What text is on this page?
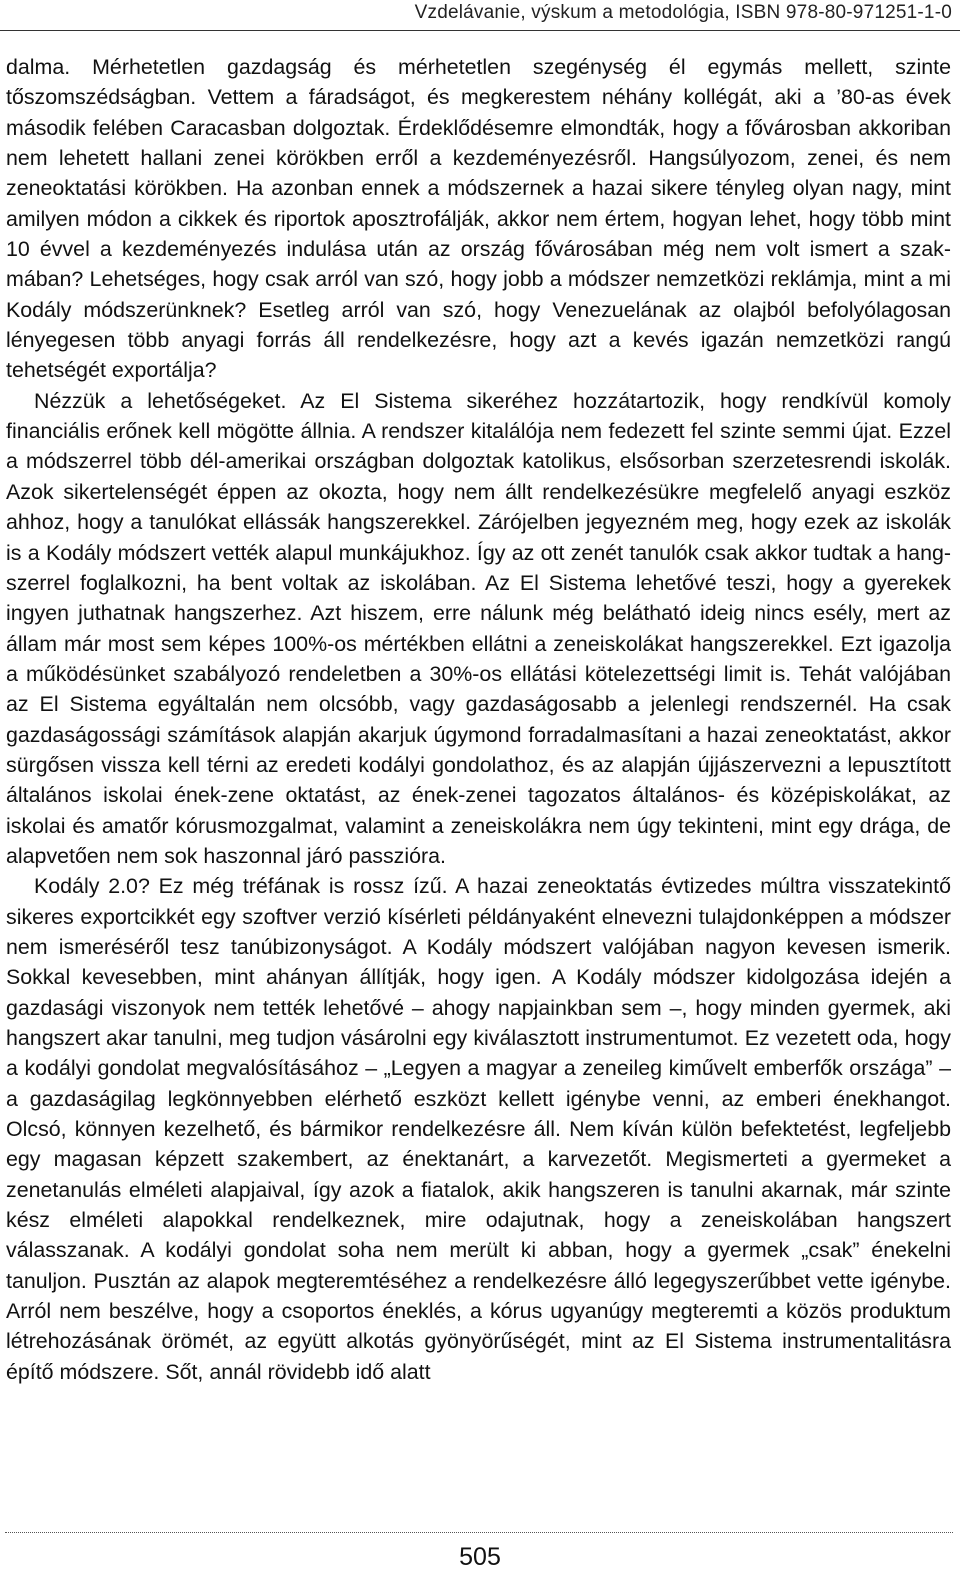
Vzdelávanie, výskum a metodológia, ISBN 978-80-971251-1-0

dalma. Mérhetetlen gazdagság és mérhetetlen szegénység él egymás mellett, szinte tőszomszédságban. Vettem a fáradságot, és megkerestem néhány kollégát, aki a ’80-as évek második felében Caracasban dolgoztak. Érdeklődésemre elmondták, hogy a fővárosban akkoriban nem lehetett hallani zenei körökben erről a kezdeményezésről. Hangsúlyozom, zenei, és nem zeneoktatási körökben. Ha azonban ennek a módszernek a hazai sikere tényleg olyan nagy, mint amilyen módon a cikkek és riportok aposztrofálják, akkor nem értem, hogyan lehet, hogy több mint 10 évvel a kezdeményezés indulása után az ország fővárosában még nem volt ismert a szakmában? Lehetséges, hogy csak arról van szó, hogy jobb a módszer nemzetközi reklámja, mint a mi Kodály módszerünknek? Esetleg arról van szó, hogy Venezuelának az olajból befolyólagosan lényegesen több anyagi forrás áll rendelkezésre, hogy azt a kevés igazán nemzetközi rangú tehetségét exportálja?

Nézzük a lehetőségeket. Az El Sistema sikeréhez hozzátartozik, hogy rendkívül komoly financiális erőnek kell mögötte állnia. A rendszer kitalálója nem fedezett fel szinte semmi újat. Ezzel a módszerrel több dél-amerikai országban dolgoztak katolikus, elsősorban szerzetesrendi iskolák. Azok sikertelenségét éppen az okozta, hogy nem állt rendelkezésükre megfelelő anyagi eszköz ahhoz, hogy a tanulókat ellássák hangszerekkel. Zárójelben jegyezném meg, hogy ezek az iskolák is a Kodály módszert vették alapul munkájukhoz. Így az ott zenét tanulók csak akkor tudtak a hangszerrel foglalkozni, ha bent voltak az iskolában. Az El Sistema lehetővé teszi, hogy a gyerekek ingyen juthatnak hangszerhez. Azt hiszem, erre nálunk még belátható ideig nincs esély, mert az állam már most sem képes 100%-os mértékben ellátni a zeneiskolákat hangszerekkel. Ezt igazolja a működésünket szabályozó rendeletben a 30%-os ellátási kötelezettségi limit is. Tehát valójában az El Sistema egyáltalán nem olcsóbb, vagy gazdaságosabb a jelenlegi rendszernél. Ha csak gazdaságossági számítások alapján akarjuk úgymond forradalmasítani a hazai zeneoktatást, akkor sürgősen vissza kell térni az eredeti kodályi gondolathoz, és az alapján újjászervezni a lepusztított általános iskolai ének-zene oktatást, az ének-zenei tagozatos általános- és középiskolákat, az iskolai és amatőr kórusmozgalmat, valamint a zeneiskolákra nem úgy tekinteni, mint egy drága, de alapvetően nem sok haszonnal járó passzióra.

Kodály 2.0? Ez még tréfának is rossz ízű. A hazai zeneoktatás évtizedes múltra visszatekintő sikeres exportcikkét egy szoftver verzió kísérleti példányaként elnevezni tulajdonképpen a módszer nem ismeréséről tesz tanúbizonyságot. A Kodály módszert valójában nagyon kevesen ismerik. Sokkal kevesebben, mint ahányan állítják, hogy igen. A Kodály módszer kidolgozása idején a gazdasági viszonyok nem tették lehetővé – ahogy napjainkban sem –, hogy minden gyermek, aki hangszert akar tanulni, meg tudjon vásárolni egy kiválasztott instrumentumot. Ez vezetett oda, hogy a kodályi gondolat megvalósításához – „Legyen a magyar a zeneileg kiművelt emberfők országa” – a gazdaságilag legkönnyebben elérhető eszközt kellett igénybe venni, az emberi énekhangot. Olcsó, könnyen kezelhető, és bármikor rendelkezésre áll. Nem kíván külön befektetést, legfeljebb egy magasan képzett szakembert, az énektanárt, a karvezetőt. Megismerteti a gyermeket a zenetanulás elméleti alapjaival, így azok a fiatalok, akik hangszeren is tanulni akarnak, már szinte kész elméleti alapokkal rendelkeznek, mire odajutnak, hogy a zeneiskolában hangszert válasszanak. A kodályi gondolat soha nem merült ki abban, hogy a gyermek „csak” énekelni tanuljon. Pusztán az alapok megteremtéséhez a rendelkezésre álló legegyszerűbbet vette igénybe. Arról nem beszélve, hogy a csoportos éneklés, a kórus ugyanúgy megteremti a közös produktum létrehozásának örömét, az együtt alkotás gyönyörűségét, mint az El Sistema instrumentalitásra építő módszere. Sőt, annál rövidebb idő alatt

505
